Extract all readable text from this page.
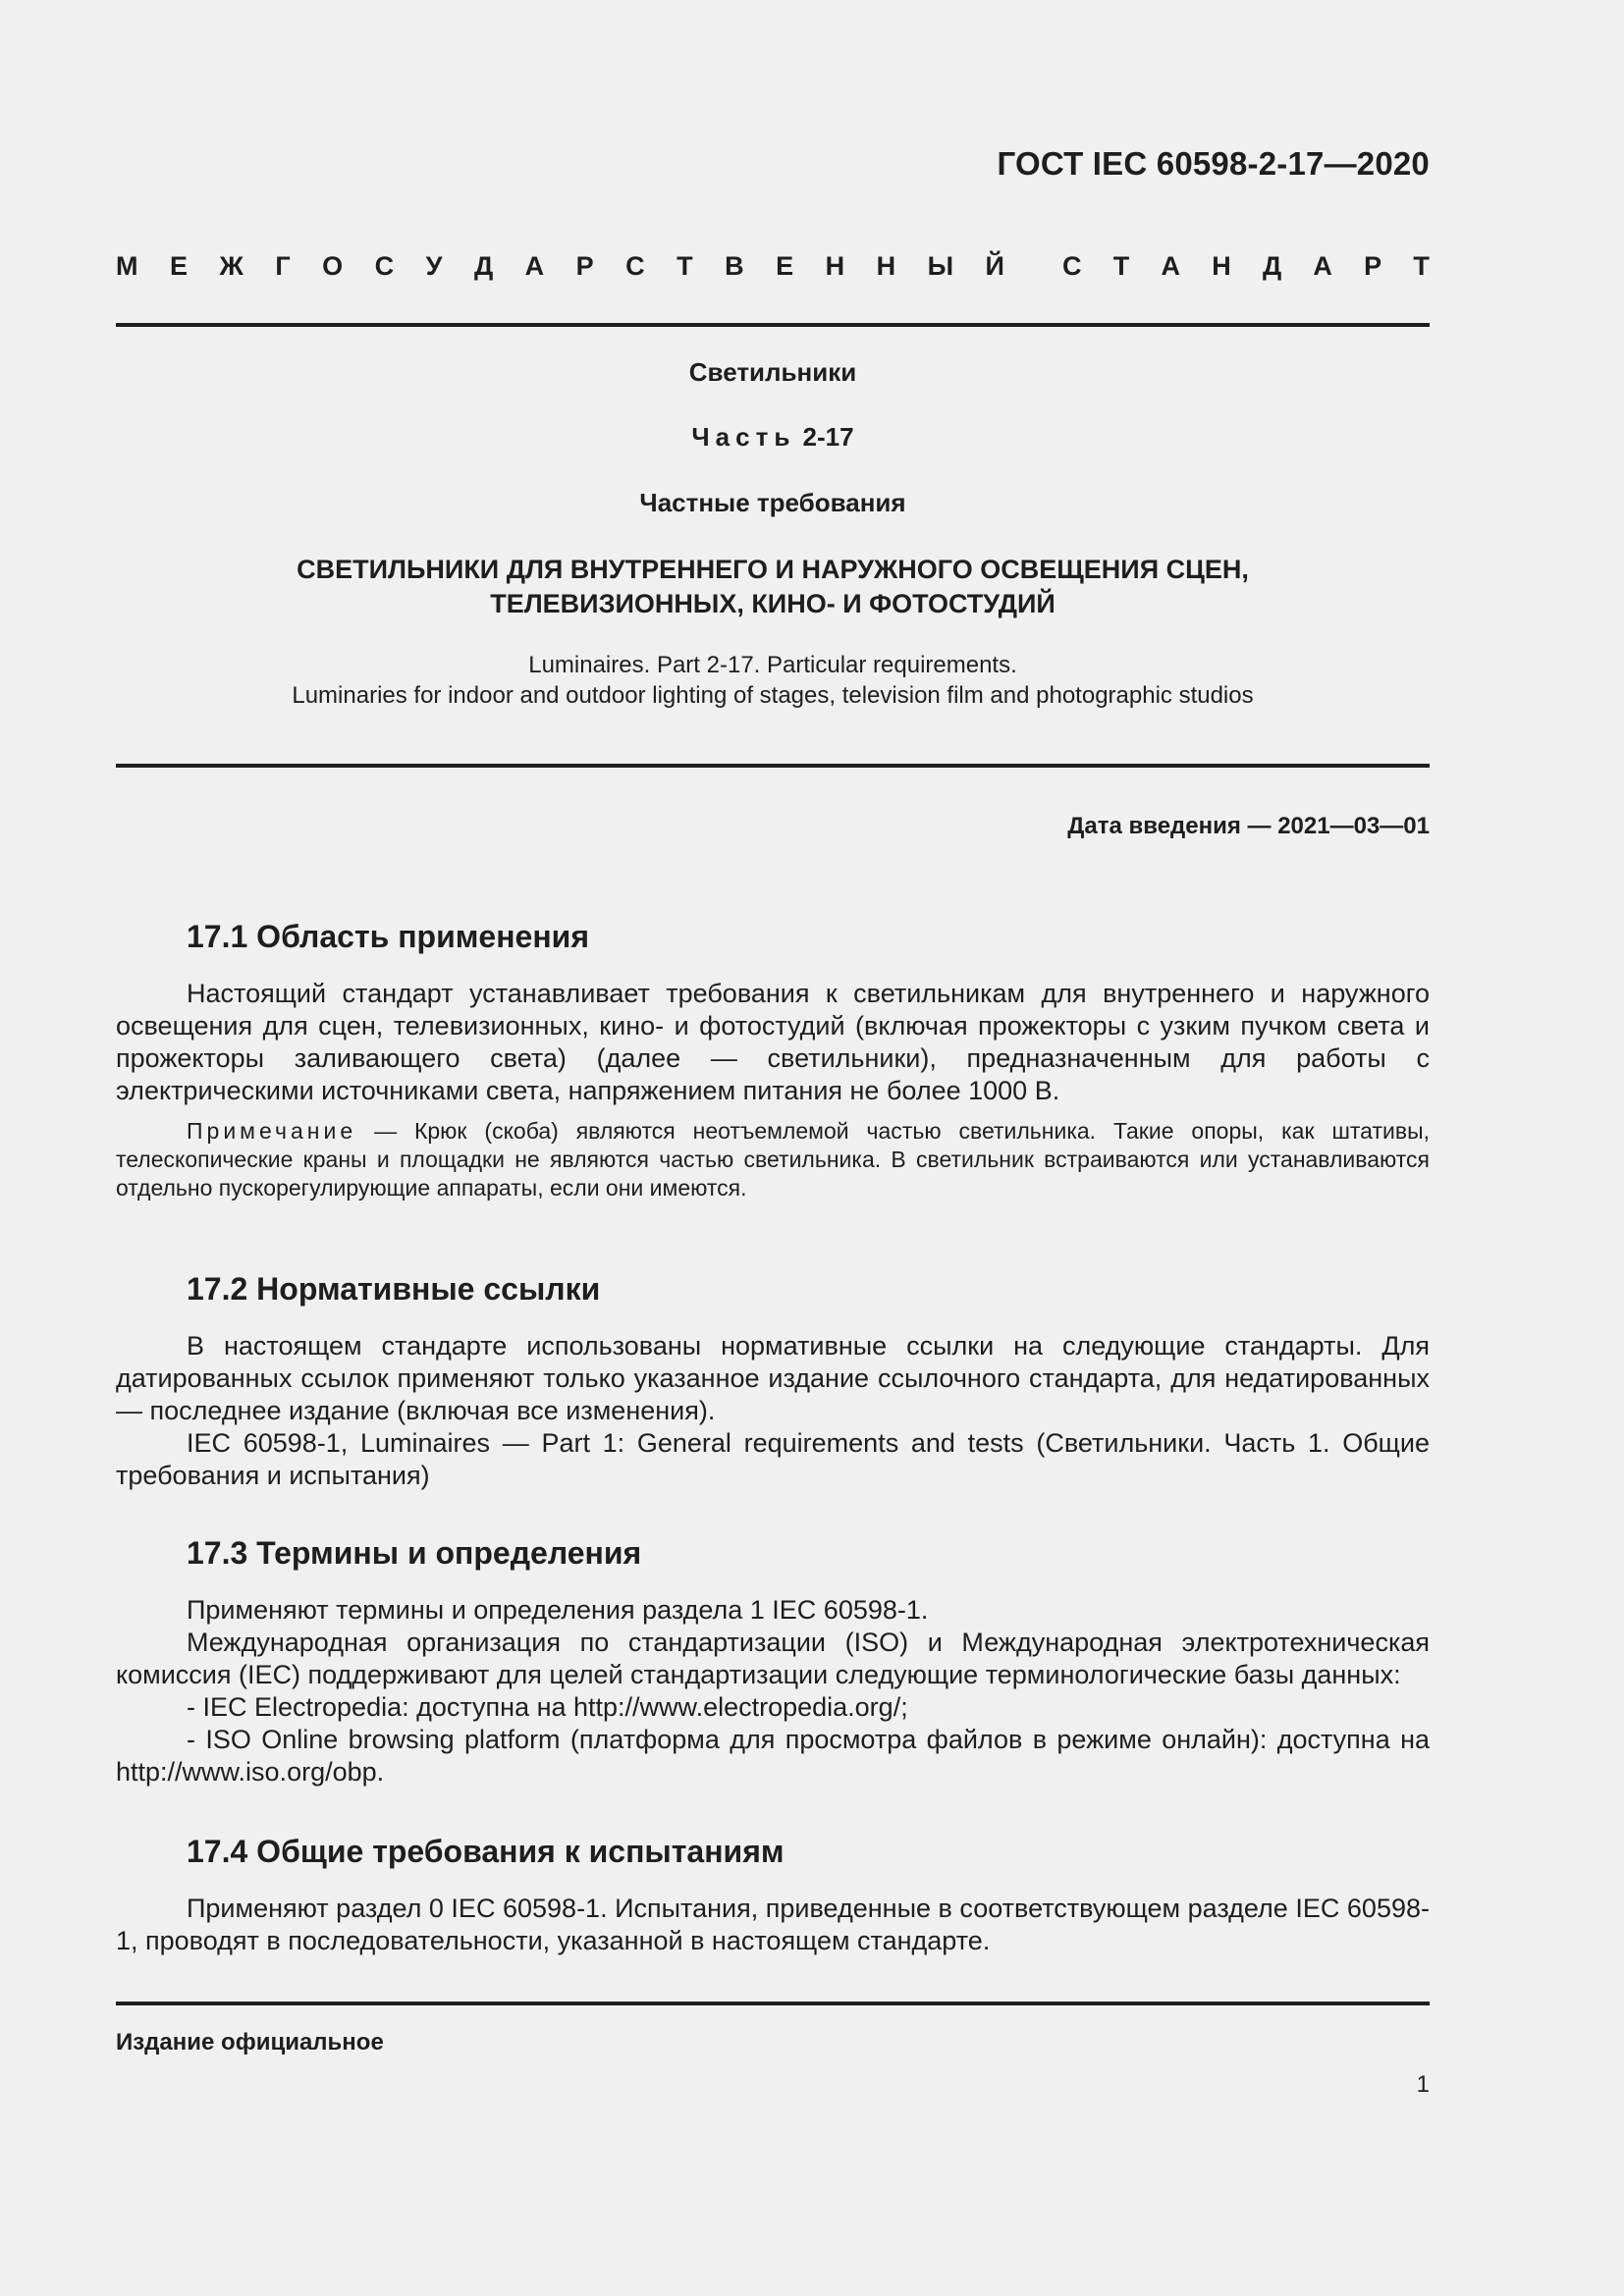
ГОСТ IEC 60598-2-17—2020
М Е Ж Г О С У Д А Р С Т В Е Н Н Ы Й С Т А Н Д А Р Т
Светильники
Часть 2-17
Частные требования
СВЕТИЛЬНИКИ ДЛЯ ВНУТРЕННЕГО И НАРУЖНОГО ОСВЕЩЕНИЯ СЦЕН,
ТЕЛЕВИЗИОННЫХ, КИНО- И ФОТОСТУДИЙ
Luminaires. Part 2-17. Particular requirements.
Luminaries for indoor and outdoor lighting of stages, television film and photographic studios
Дата введения — 2021—03—01
17.1 Область применения

Настоящий стандарт устанавливает требования к светильникам для внутреннего и наружного освещения для сцен, телевизионных, кино- и фотостудий (включая прожекторы с узким пучком света и прожекторы заливающего света) (далее — светильники), предназначенным для работы с электрическими источниками света, напряжением питания не более 1000 В.

Примечание — Крюк (скоба) являются неотъемлемой частью светильника. Такие опоры, как штативы, телескопические краны и площадки не являются частью светильника. В светильник встраиваются или устанавливаются отдельно пускорегулирующие аппараты, если они имеются.

17.2 Нормативные ссылки

В настоящем стандарте использованы нормативные ссылки на следующие стандарты. Для датированных ссылок применяют только указанное издание ссылочного стандарта, для недатированных — последнее издание (включая все изменения).

IEC 60598-1, Luminaires — Part 1: General requirements and tests (Светильники. Часть 1. Общие требования и испытания)

17.3 Термины и определения

Применяют термины и определения раздела 1 IEC 60598-1.

Международная организация по стандартизации (ISO) и Международная электротехническая комиссия (IEC) поддерживают для целей стандартизации следующие терминологические базы данных:

- IEC Electropedia: доступна на http://www.electropedia.org/;

- ISO Online browsing platform (платформа для просмотра файлов в режиме онлайн): доступна на http://www.iso.org/obp.

17.4 Общие требования к испытаниям

Применяют раздел 0 IEC 60598-1. Испытания, приведенные в соответствующем разделе IEC 60598-1, проводят в последовательности, указанной в настоящем стандарте.

Издание официальное
1
